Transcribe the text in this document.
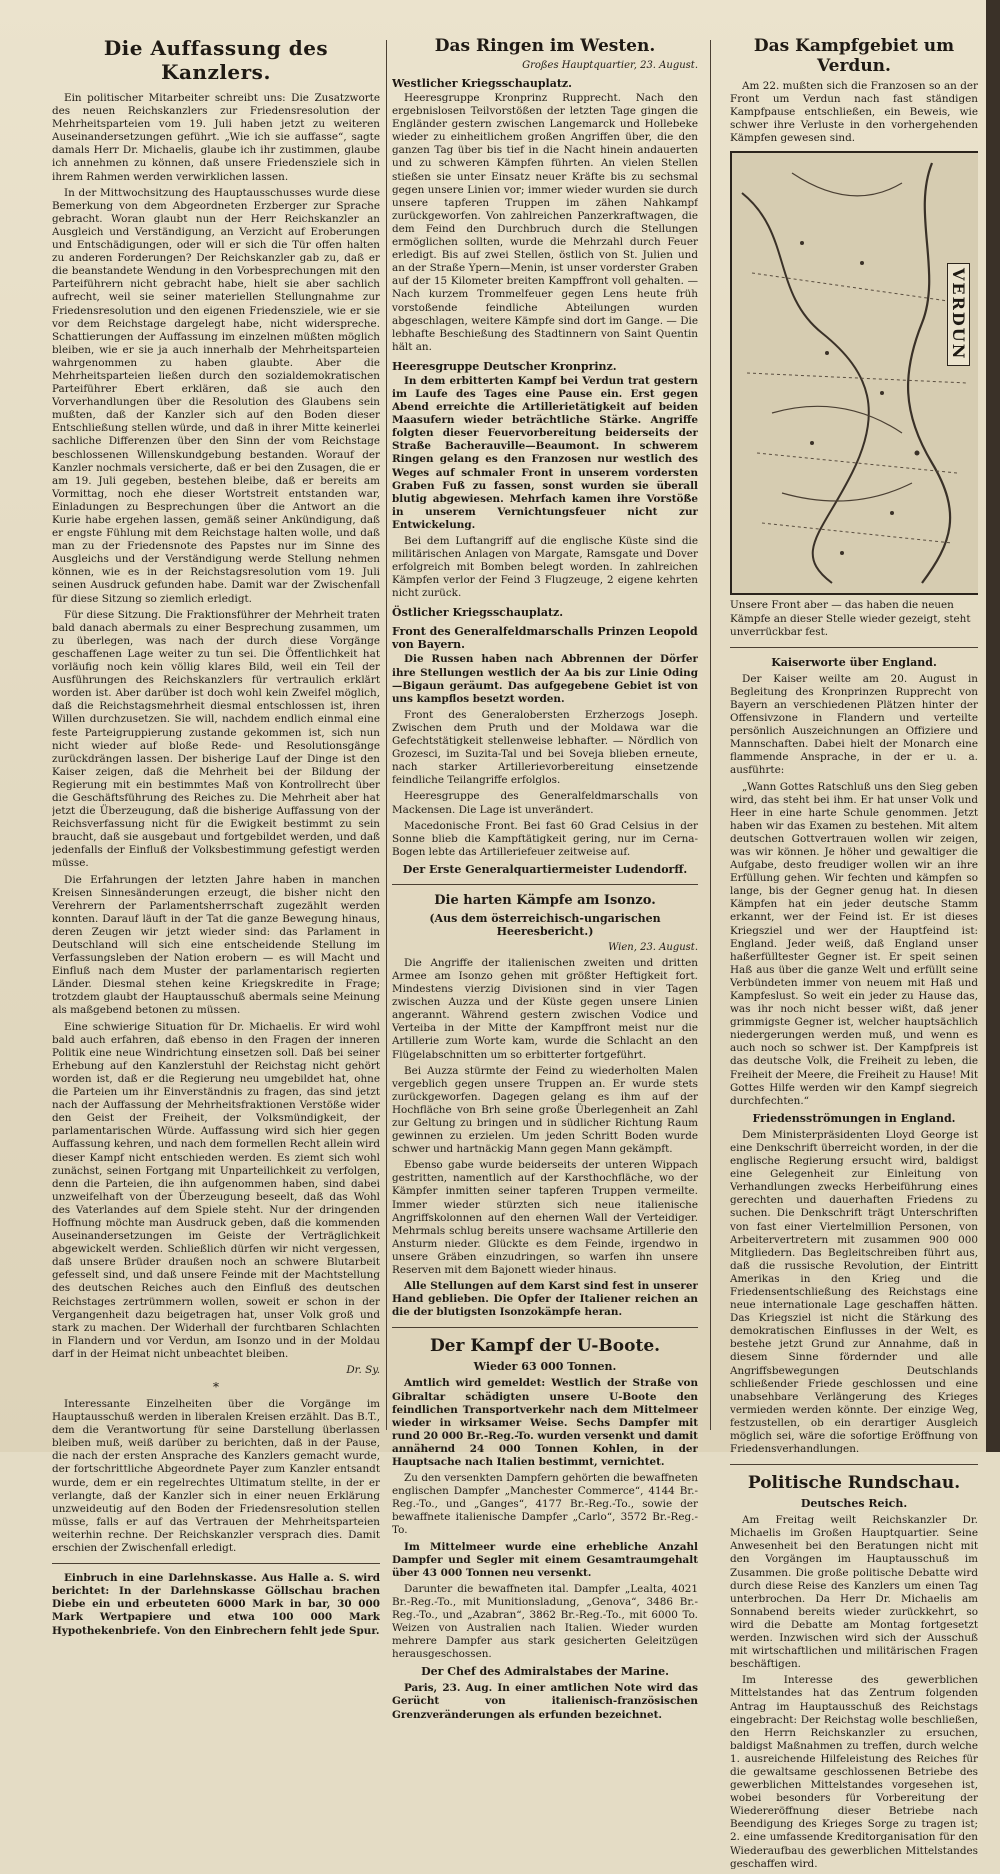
Die Auffassung des Kanzlers.

Ein politischer Mitarbeiter schreibt uns: Die Zusatzworte des neuen Reichskanzlers zur Friedensresolution der Mehrheitsparteien vom 19. Juli haben jetzt zu weiteren Auseinandersetzungen geführt. „Wie ich sie auffasse“, sagte damals Herr Dr. Michaelis, glaube ich ihr zustimmen, glaube ich annehmen zu können, daß unsere Friedensziele sich in ihrem Rahmen werden verwirklichen lassen.

In der Mittwochsitzung des Hauptausschusses wurde diese Bemerkung von dem Abgeordneten Erzberger zur Sprache gebracht. Woran glaubt nun der Herr Reichskanzler an Ausgleich und Verständigung, an Verzicht auf Eroberungen und Entschädigungen, oder will er sich die Tür offen halten zu anderen Forderungen? Der Reichskanzler gab zu, daß er die beanstandete Wendung in den Vorbesprechungen mit den Parteiführern nicht gebracht habe, hielt sie aber sachlich aufrecht, weil sie seiner materiellen Stellungnahme zur Friedensresolution und den eigenen Friedensziele, wie er sie vor dem Reichstage dargelegt habe, nicht widerspreche. Schattierungen der Auffassung im einzelnen müßten möglich bleiben, wie er sie ja auch innerhalb der Mehrheitsparteien wahrgenommen zu haben glaubte. Aber die Mehrheitsparteien ließen durch den sozialdemokratischen Parteiführer Ebert erklären, daß sie auch den Vorverhandlungen über die Resolution des Glaubens sein mußten, daß der Kanzler sich auf den Boden dieser Entschließung stellen würde, und daß in ihrer Mitte keinerlei sachliche Differenzen über den Sinn der vom Reichstage beschlossenen Willenskundgebung bestanden. Worauf der Kanzler nochmals versicherte, daß er bei den Zusagen, die er am 19. Juli gegeben, bestehen bleibe, daß er bereits am Vormittag, noch ehe dieser Wortstreit entstanden war, Einladungen zu Besprechungen über die Antwort an die Kurie habe ergehen lassen, gemäß seiner Ankündigung, daß er engste Fühlung mit dem Reichstage halten wolle, und daß man zu der Friedensnote des Papstes nur im Sinne des Ausgleichs und der Verständigung werde Stellung nehmen können, wie es in der Reichstagsresolution vom 19. Juli seinen Ausdruck gefunden habe. Damit war der Zwischenfall für diese Sitzung so ziemlich erledigt.

Für diese Sitzung. Die Fraktionsführer der Mehrheit traten bald danach abermals zu einer Besprechung zusammen, um zu überlegen, was nach der durch diese Vorgänge geschaffenen Lage weiter zu tun sei. Die Öffentlichkeit hat vorläufig noch kein völlig klares Bild, weil ein Teil der Ausführungen des Reichskanzlers für vertraulich erklärt worden ist. Aber darüber ist doch wohl kein Zweifel möglich, daß die Reichstagsmehrheit diesmal entschlossen ist, ihren Willen durchzusetzen. Sie will, nachdem endlich einmal eine feste Parteigruppierung zustande gekommen ist, sich nun nicht wieder auf bloße Rede- und Resolutionsgänge zurückdrängen lassen. Der bisherige Lauf der Dinge ist den Kaiser zeigen, daß die Mehrheit bei der Bildung der Regierung mit ein bestimmtes Maß von Kontrollrecht über die Geschäftsführung des Reiches zu. Die Mehrheit aber hat jetzt die Überzeugung, daß die bisherige Auffassung von der Reichsverfassung nicht für die Ewigkeit bestimmt zu sein braucht, daß sie ausgebaut und fortgebildet werden, und daß jedenfalls der Einfluß der Volksbestimmung gefestigt werden müsse.

Die Erfahrungen der letzten Jahre haben in manchen Kreisen Sinnesänderungen erzeugt, die bisher nicht den Verehrern der Parlamentsherrschaft zugezählt werden konnten. Darauf läuft in der Tat die ganze Bewegung hinaus, deren Zeugen wir jetzt wieder sind: das Parlament in Deutschland will sich eine entscheidende Stellung im Verfassungsleben der Nation erobern — es will Macht und Einfluß nach dem Muster der parlamentarisch regierten Länder. Diesmal stehen keine Kriegskredite in Frage; trotzdem glaubt der Hauptausschuß abermals seine Meinung als maßgebend betonen zu müssen.

Eine schwierige Situation für Dr. Michaelis. Er wird wohl bald auch erfahren, daß ebenso in den Fragen der inneren Politik eine neue Windrichtung einsetzen soll. Daß bei seiner Erhebung auf den Kanzlerstuhl der Reichstag nicht gehört worden ist, daß er die Regierung neu umgebildet hat, ohne die Parteien um ihr Einverständnis zu fragen, das sind jetzt nach der Auffassung der Mehrheitsfraktionen Verstöße wider den Geist der Freiheit, der Volksmündigkeit, der parlamentarischen Würde. Auffassung wird sich hier gegen Auffassung kehren, und nach dem formellen Recht allein wird dieser Kampf nicht entschieden werden. Es ziemt sich wohl zunächst, seinen Fortgang mit Unparteilichkeit zu verfolgen, denn die Parteien, die ihn aufgenommen haben, sind dabei unzweifelhaft von der Überzeugung beseelt, daß das Wohl des Vaterlandes auf dem Spiele steht. Nur der dringenden Hoffnung möchte man Ausdruck geben, daß die kommenden Auseinandersetzungen im Geiste der Verträglichkeit abgewickelt werden. Schließlich dürfen wir nicht vergessen, daß unsere Brüder draußen noch an schwere Blutarbeit gefesselt sind, und daß unsere Feinde mit der Machtstellung des deutschen Reiches auch den Einfluß des deutschen Reichstages zertrümmern wollen, soweit er schon in der Vergangenheit dazu beigetragen hat, unser Volk groß und stark zu machen. Der Widerhall der furchtbaren Schlachten in Flandern und vor Verdun, am Isonzo und in der Moldau darf in der Heimat nicht unbeachtet bleiben.

Dr. Sy.
*

Interessante Einzelheiten über die Vorgänge im Hauptausschuß werden in liberalen Kreisen erzählt. Das B.T., dem die Verantwortung für seine Darstellung überlassen bleiben muß, weiß darüber zu berichten, daß in der Pause, die nach der ersten Ansprache des Kanzlers gemacht wurde, der fortschrittliche Abgeordnete Payer zum Kanzler entsandt wurde, dem er ein regelrechtes Ultimatum stellte, in der er verlangte, daß der Kanzler sich in einer neuen Erklärung unzweideutig auf den Boden der Friedensresolution stellen müsse, falls er auf das Vertrauen der Mehrheitsparteien weiterhin rechne. Der Reichskanzler versprach dies. Damit erschien der Zwischenfall erledigt.

Einbruch in eine Darlehnskasse. Aus Halle a. S. wird berichtet: In der Darlehnskasse Göllschau brachen Diebe ein und erbeuteten 6000 Mark in bar, 30 000 Mark Wertpapiere und etwa 100 000 Mark Hypothekenbriefe. Von den Einbrechern fehlt jede Spur.

Das Ringen im Westen.
Großes Hauptquartier, 23. August.
Westlicher Kriegsschauplatz.

Heeresgruppe Kronprinz Rupprecht. Nach den ergebnislosen Teilvorstößen der letzten Tage gingen die Engländer gestern zwischen Langemarck und Hollebeke wieder zu einheitlichem großen Angriffen über, die den ganzen Tag über bis tief in die Nacht hinein andauerten und zu schweren Kämpfen führten. An vielen Stellen stießen sie unter Einsatz neuer Kräfte bis zu sechsmal gegen unsere Linien vor; immer wieder wurden sie durch unsere tapferen Truppen im zähen Nahkampf zurückgeworfen. Von zahlreichen Panzerkraftwagen, die dem Feind den Durchbruch durch die Stellungen ermöglichen sollten, wurde die Mehrzahl durch Feuer erledigt. Bis auf zwei Stellen, östlich von St. Julien und an der Straße Ypern—Menin, ist unser vorderster Graben auf der 15 Kilometer breiten Kampffront voll gehalten. — Nach kurzem Trommelfeuer gegen Lens heute früh vorstoßende feindliche Abteilungen wurden abgeschlagen, weitere Kämpfe sind dort im Gange. — Die lebhafte Beschießung des Stadtinnern von Saint Quentin hält an.

Heeresgruppe Deutscher Kronprinz.

In dem erbitterten Kampf bei Verdun trat gestern im Laufe des Tages eine Pause ein. Erst gegen Abend erreichte die Artillerietätigkeit auf beiden Maasufern wieder beträchtliche Stärke. Angriffe folgten dieser Feuervorbereitung beiderseits der Straße Bacherauville—Beaumont. In schwerem Ringen gelang es den Franzosen nur westlich des Weges auf schmaler Front in unserem vordersten Graben Fuß zu fassen, sonst wurden sie überall blutig abgewiesen. Mehrfach kamen ihre Vorstöße in unserem Vernichtungsfeuer nicht zur Entwickelung.

Bei dem Luftangriff auf die englische Küste sind die militärischen Anlagen von Margate, Ramsgate und Dover erfolgreich mit Bomben belegt worden. In zahlreichen Kämpfen verlor der Feind 3 Flugzeuge, 2 eigene kehrten nicht zurück.

Östlicher Kriegsschauplatz.
Front des Generalfeldmarschalls Prinzen Leopold von Bayern.

Die Russen haben nach Abbrennen der Dörfer ihre Stellungen westlich der Aa bis zur Linie Oding—Bigaun geräumt. Das aufgegebene Gebiet ist von uns kampflos besetzt worden.

Front des Generalobersten Erzherzogs Joseph. Zwischen dem Pruth und der Moldawa war die Gefechtstätigkeit stellenweise lebhafter. — Nördlich von Grozesci, im Suzita-Tal und bei Soveja blieben erneute, nach starker Artillerievorbereitung einsetzende feindliche Teilangriffe erfolglos.

Heeresgruppe des Generalfeldmarschalls von Mackensen. Die Lage ist unverändert.

Macedonische Front. Bei fast 60 Grad Celsius in der Sonne blieb die Kampftätigkeit gering, nur im Cerna-Bogen lebte das Artilleriefeuer zeitweise auf.

Der Erste Generalquartiermeister Ludendorff.
Die harten Kämpfe am Isonzo.
(Aus dem österreichisch-ungarischen Heeresbericht.)
Wien, 23. August.

Die Angriffe der italienischen zweiten und dritten Armee am Isonzo gehen mit größter Heftigkeit fort. Mindestens vierzig Divisionen sind in vier Tagen zwischen Auzza und der Küste gegen unsere Linien angerannt. Während gestern zwischen Vodice und Verteiba in der Mitte der Kampffront meist nur die Artillerie zum Worte kam, wurde die Schlacht an den Flügelabschnitten um so erbitterter fortgeführt.

Bei Auzza stürmte der Feind zu wiederholten Malen vergeblich gegen unsere Truppen an. Er wurde stets zurückgeworfen. Dagegen gelang es ihm auf der Hochfläche von Brh seine große Überlegenheit an Zahl zur Geltung zu bringen und in südlicher Richtung Raum gewinnen zu erzielen. Um jeden Schritt Boden wurde schwer und hartnäckig Mann gegen Mann gekämpft.

Ebenso gabe wurde beiderseits der unteren Wippach gestritten, namentlich auf der Karsthochfläche, wo der Kämpfer inmitten seiner tapferen Truppen vermeilte. Immer wieder stürzten sich neue italienische Angriffskolonnen auf den ehernen Wall der Verteidiger. Mehrmals schlug bereits unsere wachsame Artillerie den Ansturm nieder. Glückte es dem Feinde, irgendwo in unsere Gräben einzudringen, so warfen ihn unsere Reserven mit dem Bajonett wieder hinaus.

Alle Stellungen auf dem Karst sind fest in unserer Hand geblieben. Die Opfer der Italiener reichen an die der blutigsten Isonzokämpfe heran.

Der Kampf der U-Boote.
Wieder 63 000 Tonnen.

Amtlich wird gemeldet: Westlich der Straße von Gibraltar schädigten unsere U-Boote den feindlichen Transportverkehr nach dem Mittelmeer wieder in wirksamer Weise. Sechs Dampfer mit rund 20 000 Br.-Reg.-To. wurden versenkt und damit annähernd 24 000 Tonnen Kohlen, in der Hauptsache nach Italien bestimmt, vernichtet.

Zu den versenkten Dampfern gehörten die bewaffneten englischen Dampfer „Manchester Commerce“, 4144 Br.-Reg.-To., und „Ganges“, 4177 Br.-Reg.-To., sowie der bewaffnete italienische Dampfer „Carlo“, 3572 Br.-Reg.-To.

Im Mittelmeer wurde eine erhebliche Anzahl Dampfer und Segler mit einem Gesamtraumgehalt über 43 000 Tonnen neu versenkt.

Darunter die bewaffneten ital. Dampfer „Lealta, 4021 Br.-Reg.-To., mit Munitionsladung, „Genova“, 3486 Br.-Reg.-To., und „Azabran“, 3862 Br.-Reg.-To., mit 6000 To. Weizen von Australien nach Italien. Wieder wurden mehrere Dampfer aus stark gesicherten Geleitzügen herausgeschossen.

Der Chef des Admiralstabes der Marine.

Paris, 23. Aug. In einer amtlichen Note wird das Gerücht von italienisch-französischen Grenzveränderungen als erfunden bezeichnet.

Das Kampfgebiet um Verdun.

Am 22. mußten sich die Franzosen so an der Front um Verdun nach fast ständigen Kampfpause entschließen, ein Beweis, wie schwer ihre Verluste in den vorhergehenden Kämpfen gewesen sind.

VERDUN
Unsere Front aber — das haben die neuen Kämpfe an dieser Stelle wieder gezeigt, steht unverrückbar fest.
Kaiserworte über England.

Der Kaiser weilte am 20. August in Begleitung des Kronprinzen Rupprecht von Bayern an verschiedenen Plätzen hinter der Offensivzone in Flandern und verteilte persönlich Auszeichnungen an Offiziere und Mannschaften. Dabei hielt der Monarch eine flammende Ansprache, in der er u. a. ausführte:

„Wann Gottes Ratschluß uns den Sieg geben wird, das steht bei ihm. Er hat unser Volk und Heer in eine harte Schule genommen. Jetzt haben wir das Examen zu bestehen. Mit altem deutschen Gottvertrauen wollen wir zeigen, was wir können. Je höher und gewaltiger die Aufgabe, desto freudiger wollen wir an ihre Erfüllung gehen. Wir fechten und kämpfen so lange, bis der Gegner genug hat. In diesen Kämpfen hat ein jeder deutsche Stamm erkannt, wer der Feind ist. Er ist dieses Kriegsziel und wer der Hauptfeind ist: England. Jeder weiß, daß England unser haßerfülltester Gegner ist. Er speit seinen Haß aus über die ganze Welt und erfüllt seine Verbündeten immer von neuem mit Haß und Kampfeslust. So weit ein jeder zu Hause das, was ihr noch nicht besser wißt, daß jener grimmigste Gegner ist, welcher hauptsächlich niedergerungen werden muß, und wenn es auch noch so schwer ist. Der Kampfpreis ist das deutsche Volk, die Freiheit zu leben, die Freiheit der Meere, die Freiheit zu Hause! Mit Gottes Hilfe werden wir den Kampf siegreich durchfechten.“

Friedensströmungen in England.

Dem Ministerpräsidenten Lloyd George ist eine Denkschrift überreicht worden, in der die englische Regierung ersucht wird, baldigst eine Gelegenheit zur Einleitung von Verhandlungen zwecks Herbeiführung eines gerechten und dauerhaften Friedens zu suchen. Die Denkschrift trägt Unterschriften von fast einer Viertelmillion Personen, von Arbeitervertretern mit zusammen 900 000 Mitgliedern. Das Begleitschreiben führt aus, daß die russische Revolution, der Eintritt Amerikas in den Krieg und die Friedensentschließung des Reichstags eine neue internationale Lage geschaffen hätten. Das Kriegsziel ist nicht die Stärkung des demokratischen Einflusses in der Welt, es bestehe jetzt Grund zur Annahme, daß in diesem Sinne fördernder und alle Angriffsbewegungen Deutschlands schließender Friede geschlossen und eine unabsehbare Verlängerung des Krieges vermieden werden könnte. Der einzige Weg, festzustellen, ob ein derartiger Ausgleich möglich sei, wäre die sofortige Eröffnung von Friedensverhandlungen.

Politische Rundschau.
Deutsches Reich.

Am Freitag weilt Reichskanzler Dr. Michaelis im Großen Hauptquartier. Seine Anwesenheit bei den Beratungen nicht mit den Vorgängen im Hauptausschuß im Zusammen. Die große politische Debatte wird durch diese Reise des Kanzlers um einen Tag unterbrochen. Da Herr Dr. Michaelis am Sonnabend bereits wieder zurückkehrt, so wird die Debatte am Montag fortgesetzt werden. Inzwischen wird sich der Ausschuß mit wirtschaftlichen und militärischen Fragen beschäftigen.

Im Interesse des gewerblichen Mittelstandes hat das Zentrum folgenden Antrag im Hauptausschuß des Reichstags eingebracht: Der Reichstag wolle beschließen, den Herrn Reichskanzler zu ersuchen, baldigst Maßnahmen zu treffen, durch welche 1. ausreichende Hilfeleistung des Reiches für die gewaltsame geschlossenen Betriebe des gewerblichen Mittelstandes vorgesehen ist, wobei besonders für Vorbereitung der Wiedereröffnung dieser Betriebe nach Beendigung des Krieges Sorge zu tragen ist; 2. eine umfassende Kreditorganisation für den Wiederaufbau des gewerblichen Mittelstandes geschaffen wird.
